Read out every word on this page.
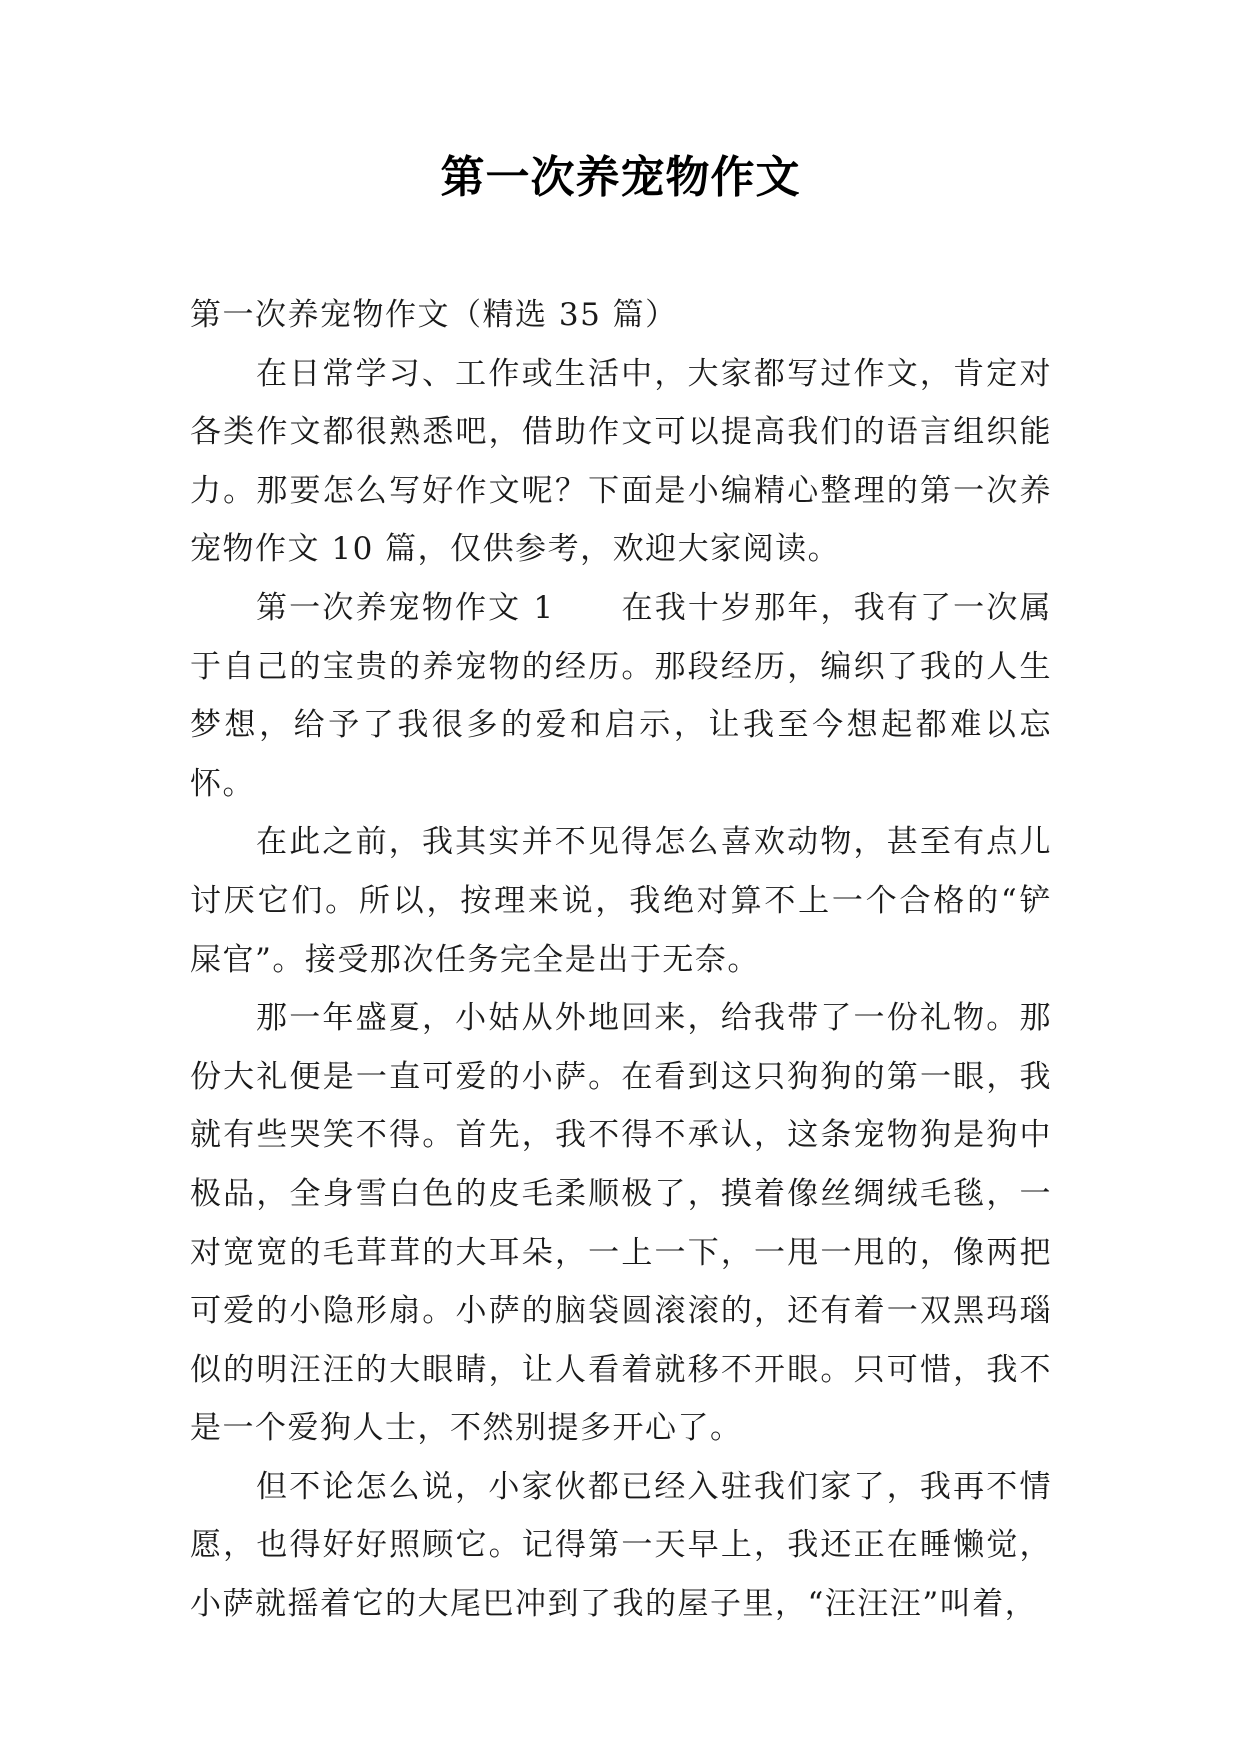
第一次养宠物作文

第一次养宠物作文（精选 35 篇）

在日常学习、工作或生活中，大家都写过作文，肯定对各类作文都很熟悉吧，借助作文可以提高我们的语言组织能力。那要怎么写好作文呢？下面是小编精心整理的第一次养宠物作文 10 篇，仅供参考，欢迎大家阅读。

第一次养宠物作文 1　　在我十岁那年，我有了一次属于自己的宝贵的养宠物的经历。那段经历，编织了我的人生梦想，给予了我很多的爱和启示，让我至今想起都难以忘怀。

在此之前，我其实并不见得怎么喜欢动物，甚至有点儿讨厌它们。所以，按理来说，我绝对算不上一个合格的“铲屎官”。接受那次任务完全是出于无奈。

那一年盛夏，小姑从外地回来，给我带了一份礼物。那份大礼便是一直可爱的小萨。在看到这只狗狗的第一眼，我就有些哭笑不得。首先，我不得不承认，这条宠物狗是狗中极品，全身雪白色的皮毛柔顺极了，摸着像丝绸绒毛毯，一对宽宽的毛茸茸的大耳朵，一上一下，一甩一甩的，像两把可爱的小隐形扇。小萨的脑袋圆滚滚的，还有着一双黑玛瑙似的明汪汪的大眼睛，让人看着就移不开眼。只可惜，我不是一个爱狗人士，不然别提多开心了。

但不论怎么说，小家伙都已经入驻我们家了，我再不情愿，也得好好照顾它。记得第一天早上，我还正在睡懒觉，小萨就摇着它的大尾巴冲到了我的屋子里，“汪汪汪”叫着，
